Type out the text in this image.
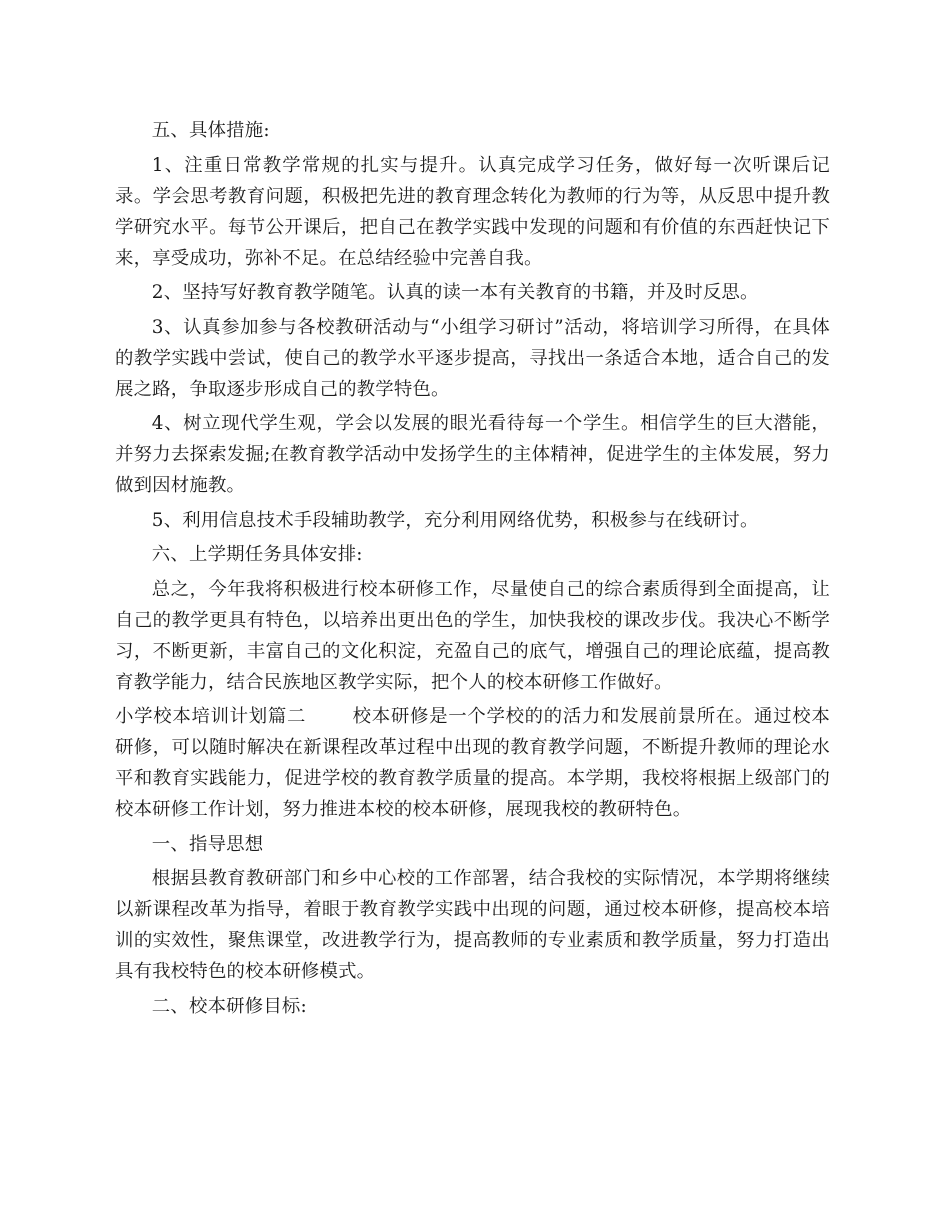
五、具体措施:

1、注重日常教学常规的扎实与提升。认真完成学习任务，做好每一次听课后记录。学会思考教育问题，积极把先进的教育理念转化为教师的行为等，从反思中提升教学研究水平。每节公开课后，把自己在教学实践中发现的问题和有价值的东西赶快记下来，享受成功，弥补不足。在总结经验中完善自我。

2、坚持写好教育教学随笔。认真的读一本有关教育的书籍，并及时反思。

3、认真参加参与各校教研活动与“小组学习研讨”活动，将培训学习所得，在具体的教学实践中尝试，使自己的教学水平逐步提高，寻找出一条适合本地，适合自己的发展之路，争取逐步形成自己的教学特色。

4、树立现代学生观，学会以发展的眼光看待每一个学生。相信学生的巨大潜能，并努力去探索发掘;在教育教学活动中发扬学生的主体精神，促进学生的主体发展，努力做到因材施教。

5、利用信息技术手段辅助教学，充分利用网络优势，积极参与在线研讨。

六、上学期任务具体安排:

总之，今年我将积极进行校本研修工作，尽量使自己的综合素质得到全面提高，让自己的教学更具有特色，以培养出更出色的学生，加快我校的课改步伐。我决心不断学习，不断更新，丰富自己的文化积淀，充盈自己的底气，增强自己的理论底蕴，提高教育教学能力，结合民族地区教学实际，把个人的校本研修工作做好。

小学校本培训计划篇二	校本研修是一个学校的的活力和发展前景所在。通过校本研修，可以随时解决在新课程改革过程中出现的教育教学问题，不断提升教师的理论水平和教育实践能力，促进学校的教育教学质量的提高。本学期，我校将根据上级部门的校本研修工作计划，努力推进本校的校本研修，展现我校的教研特色。

一、指导思想

根据县教育教研部门和乡中心校的工作部署，结合我校的实际情况，本学期将继续以新课程改革为指导，着眼于教育教学实践中出现的问题，通过校本研修，提高校本培训的实效性，聚焦课堂，改进教学行为，提高教师的专业素质和教学质量，努力打造出具有我校特色的校本研修模式。

二、校本研修目标:
